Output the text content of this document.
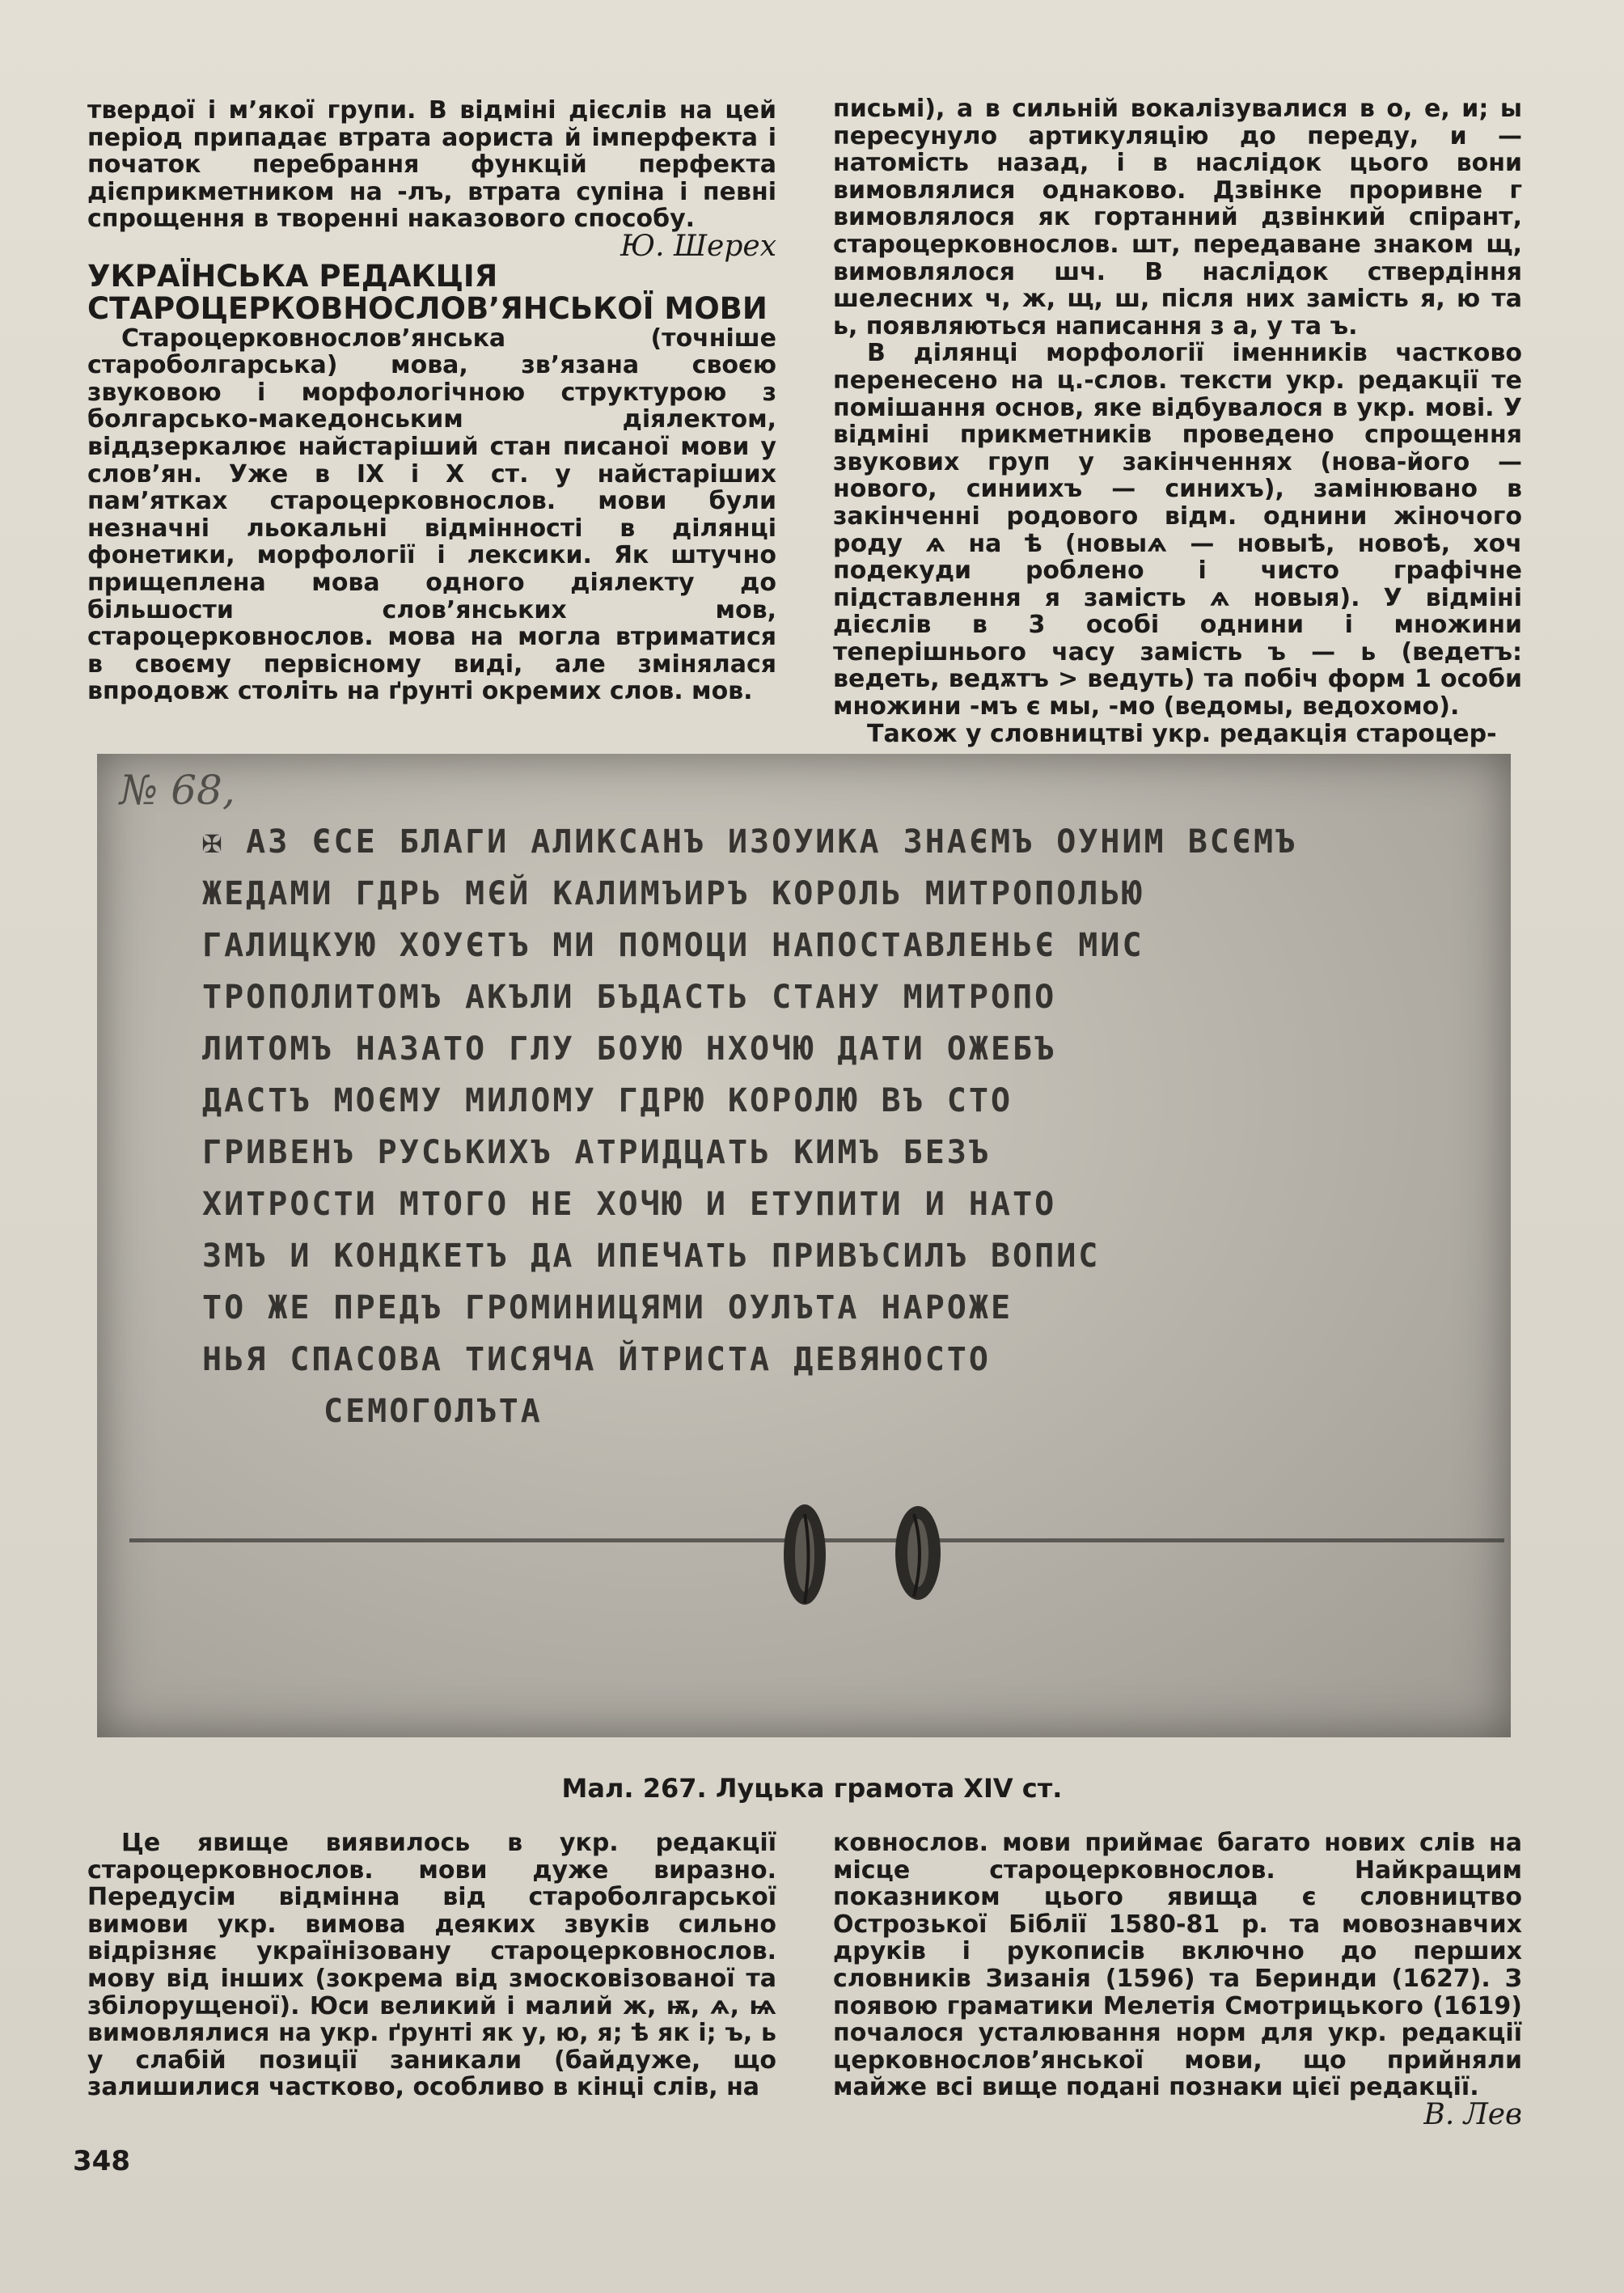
твердої і м’якої групи. В відміні дієслів на цей період припадає втрата аориста й імперфекта і початок перебрання функцій перфекта дієприкметником на -лъ, втрата супіна і певні спрощення в творенні наказового способу.

Ю. Шерех

УКРАЇНСЬКА РЕДАКЦІЯ СТАРОЦЕРКОВНОСЛОВ’ЯНСЬКОЇ МОВИ

Староцерковнослов’янська (точніше староболгарська) мова, зв’язана своєю звуковою і морфологічною структурою з болгарсько-македонським діялектом, віддзеркалює найстаріший стан писаної мови у слов’ян. Уже в IX і X ст. у найстаріших пам’ятках староцерковнослов. мови були незначні льокальні відмінності в ділянці фонетики, морфології і лексики. Як штучно прищеплена мова одного діялекту до більшости слов’янських мов, староцерковнослов. мова на могла втриматися в своєму первісному виді, але змінялася впродовж століть на ґрунті окремих слов. мов.

письмі), а в сильній вокалізувалися в о, е, и; ы пересунуло артикуляцію до переду, и — натомість назад, і в наслідок цього вони вимовлялися однаково. Дзвінке проривне г вимовлялося як гортанний дзвінкий спірант, староцерковнослов. шт, передаване знаком щ, вимовлялося шч. В наслідок ствердіння шелесних ч, ж, щ, ш, після них замість я, ю та ь, появляються написання з а, у та ъ.

В ділянці морфології іменників частково перенесено на ц.-слов. тексти укр. редакції те помішання основ, яке відбувалося в укр. мові. У відміні прикметників проведено спрощення звукових груп у закінченнях (нова-його — нового, синиихъ — синихъ), замінювано в закінченні родового відм. однини жіночого роду ѧ на ѣ (новыѧ — новыѣ, новоѣ, хоч подекуди роблено і чисто графічне підставлення я замість ѧ новыя). У відміні дієслів в 3 особі однини і множини теперішнього часу замість ъ — ь (ведетъ: ведеть, ведѫтъ > ведуть) та побіч форм 1 особи множини -мъ є мы, -мо (ведомы, ведохомо).

Також у словництві укр. редакція староцер-

№ 68,
✠ АЗ ЄСЕ БЛАГИ АЛИКСАНЪ ИЗОУИКА ЗНАЄМЪ ОУНИМ ВСЄМЪ
ЖЕДАМИ ГДРЬ МЄЙ КАЛИМЪИРЪ КОРОЛЬ МИТРОПОЛЬЮ
ГАЛИЦКУЮ ХОУЄТЪ МИ ПОМОЦИ НАПОСТАВЛЕНЬЄ МИС
ТРОПОЛИТОМЪ АКЪЛИ БЪДАСТЬ СТАНУ МИТРОПО
ЛИТОМЪ НАЗАТО ГЛУ БОУЮ НХОЧЮ ДАТИ ОЖЕБЪ
ДАСТЪ МОЄМУ МИЛОМУ ГДРЮ КОРОЛЮ ВЪ СТО
ГРИВЕНЪ РУСЬКИХЪ АТРИДЦАТЬ КИМЪ БЕЗЪ
ХИТРОСТИ МТОГО НЕ ХОЧЮ И ЕТУПИТИ И НАТО
ЗМЪ И КОНДКЕТЪ ДА ИПЕЧАТЬ ПРИВЪСИЛЪ ВОПИС
ТО ЖЕ ПРЕДЪ ГРОМИНИЦЯМИ ОУЛЪТА НАРОЖЕ
НЬЯ СПАСОВА ТИСЯЧА ЙТРИСТА ДЕВЯНОСТО
СЕМОГОЛЪТА
Мал. 267. Луцька грамота XIV ст.

Це явище виявилось в укр. редакції староцерковнослов. мови дуже виразно. Передусім відмінна від староболгарської вимови укр. вимова деяких звуків сильно відрізняє українізовану староцерковнослов. мову від інших (зокрема від змосковізованої та збілорущеної). Юси великий і малий ж, ѭ, ѧ, ѩ вимовлялися на укр. ґрунті як у, ю, я; ѣ як і; ъ, ь у слабій позиції заникали (байдуже, що залишилися частково, особливо в кінці слів, на

ковнослов. мови приймає багато нових слів на місце староцерковнослов. Найкращим показником цього явища є словництво Острозької Біблії 1580-81 р. та мовознавчих друків і рукописів включно до перших словників Зизанія (1596) та Беринди (1627). З появою граматики Мелетія Смотрицького (1619) почалося усталювання норм для укр. редакції церковнослов’янської мови, що прийняли майже всі вище подані познаки цієї редакції.

В. Лев
348
